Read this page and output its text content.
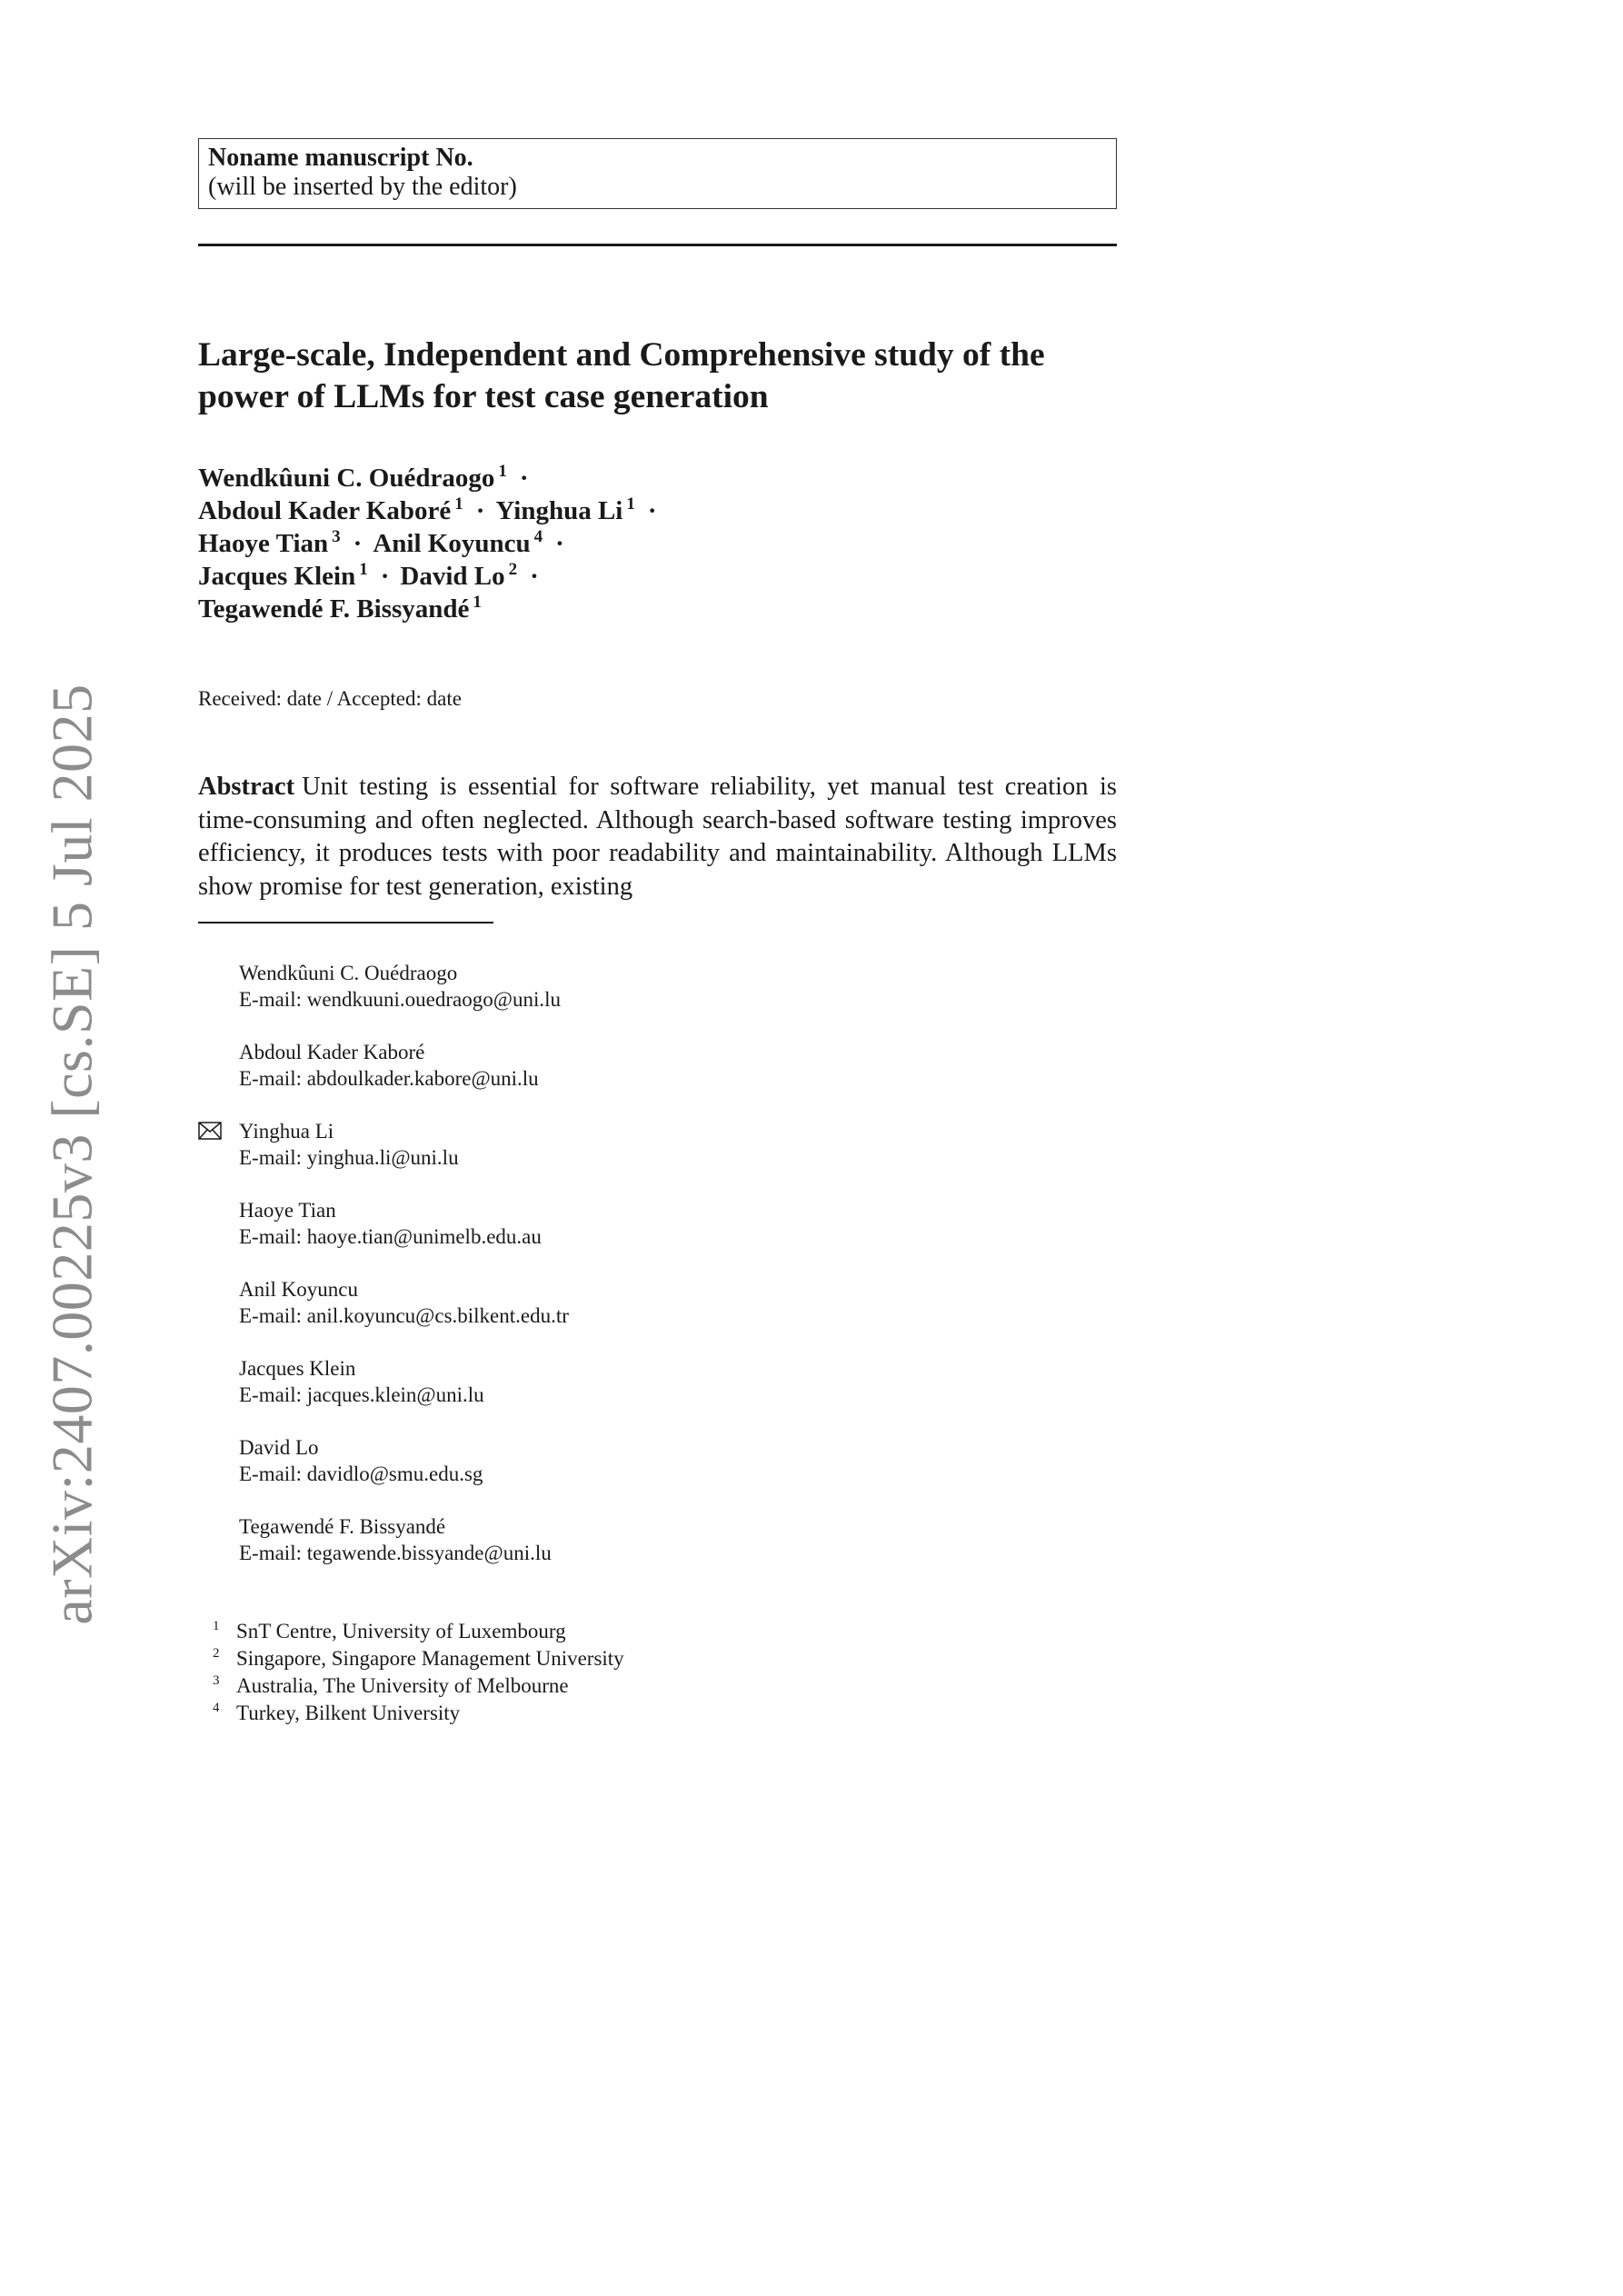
arXiv:2407.00225v3 [cs.SE] 5 Jul 2025
Noname manuscript No.
(will be inserted by the editor)
Large-scale, Independent and Comprehensive study of the power of LLMs for test case generation
Wendkûuni C. Ouédraogo $^1$ ·
Abdoul Kader Kaboré $^1$ · Yinghua Li $^1$ ·
Haoye Tian $^3$ · Anil Koyuncu $^4$ ·
Jacques Klein $^1$ · David Lo $^2$ ·
Tegawendé F. Bissyandé $^1$
Received: date / Accepted: date

Abstract Unit testing is essential for software reliability, yet manual test creation is time-consuming and often neglected. Although search-based software testing improves efficiency, it produces tests with poor readability and maintainability. Although LLMs show promise for test generation, existing

Wendkûuni C. Ouédraogo
E-mail: wendkuuni.ouedraogo@uni.lu
Abdoul Kader Kaboré
E-mail: abdoulkader.kabore@uni.lu
Yinghua Li
E-mail: yinghua.li@uni.lu
Haoye Tian
E-mail: haoye.tian@unimelb.edu.au
Anil Koyuncu
E-mail: anil.koyuncu@cs.bilkent.edu.tr
Jacques Klein
E-mail: jacques.klein@uni.lu
David Lo
E-mail: davidlo@smu.edu.sg
Tegawendé F. Bissyandé
E-mail: tegawende.bissyande@uni.lu
$^1$ SnT Centre, University of Luxembourg
$^2$ Singapore, Singapore Management University
$^3$ Australia, The University of Melbourne
$^4$ Turkey, Bilkent University
